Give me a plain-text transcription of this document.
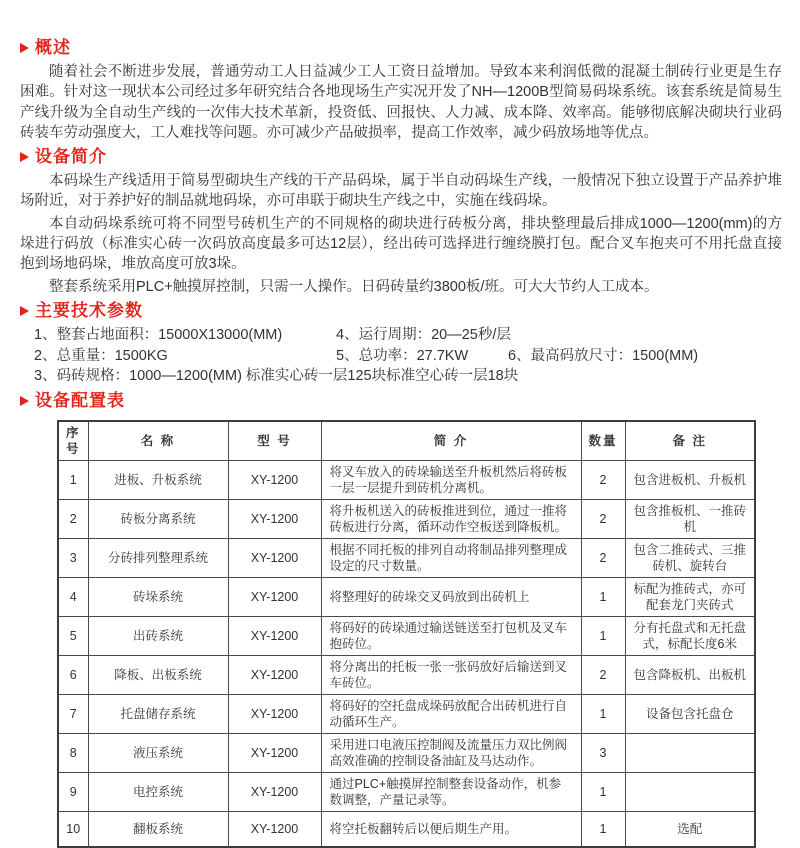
概述

随着社会不断进步发展，普通劳动工人日益减少工人工资日益增加。导致本来利润低微的混凝土制砖行业更是生存困难。针对这一现状本公司经过多年研究结合各地现场生产实况开发了NH—1200B型简易码垛系统。该套系统是简易生产线升级为全自动生产线的一次伟大技术革新，投资低、回报快、人力减、成本降、效率高。能够彻底解决砌块行业码砖装车劳动强度大，工人难找等问题。亦可减少产品破损率，提高工作效率，减少码放场地等优点。

设备简介

本码垛生产线适用于简易型砌块生产线的干产品码垛，属于半自动码垛生产线，一般情况下独立设置于产品养护堆场附近，对于养护好的制品就地码垛，亦可串联于砌块生产线之中，实施在线码垛。

本自动码垛系统可将不同型号砖机生产的不同规格的砌块进行砖板分离，排块整理最后排成1000—1200(mm)的方垛进行码放（标准实心砖一次码放高度最多可达12层），经出砖可选择进行缠绕膜打包。配合叉车抱夹可不用托盘直接抱到场地码垛，堆放高度可放3垛。

整套系统采用PLC+触摸屏控制，只需一人操作。日码砖量约3800板/班。可大大节约人工成本。

主要技术参数
1、整套占地面积：15000X13000(MM)	4、运行周期：20—25秒/层
2、总重量：1500KG	5、总功率：27.7KW	6、最高码放尺寸：1500(MM)
3、码砖规格：1000—1200(MM) 标准实心砖一层125块标准空心砖一层18块
设备配置表
序号	名 称	型 号	简 介	数量	备 注
1	进板、升板系统	XY-1200	将叉车放入的砖垛输送至升板机然后将砖板一层一层提升到砖机分离机。	2	包含进板机、升板机
2	砖板分离系统	XY-1200	将升板机送入的砖板推进到位，通过一推将砖板进行分离，循环动作空板送到降板机。	2	包含推板机、一推砖机
3	分砖排列整理系统	XY-1200	根据不同托板的排列自动将制品排列整理成设定的尺寸数量。	2	包含二推砖式、三推砖机、旋转台
4	砖垛系统	XY-1200	将整理好的砖垛交叉码放到出砖机上	1	标配为推砖式，亦可配套龙门夹砖式
5	出砖系统	XY-1200	将码好的砖垛通过输送链送至打包机及叉车抱砖位。	1	分有托盘式和无托盘式，标配长度6米
6	降板、出板系统	XY-1200	将分离出的托板一张一张码放好后输送到叉车砖位。	2	包含降板机、出板机
7	托盘储存系统	XY-1200	将码好的空托盘成垛码放配合出砖机进行自动循环生产。	1	设备包含托盘仓
8	液压系统	XY-1200	采用进口电液压控制阀及流量压力双比例阀高效准确的控制设备油缸及马达动作。	3	
9	电控系统	XY-1200	通过PLC+触摸屏控制整套设备动作，机参数调整，产量记录等。	1	
10	翻板系统	XY-1200	将空托板翻转后以便后期生产用。	1	选配
